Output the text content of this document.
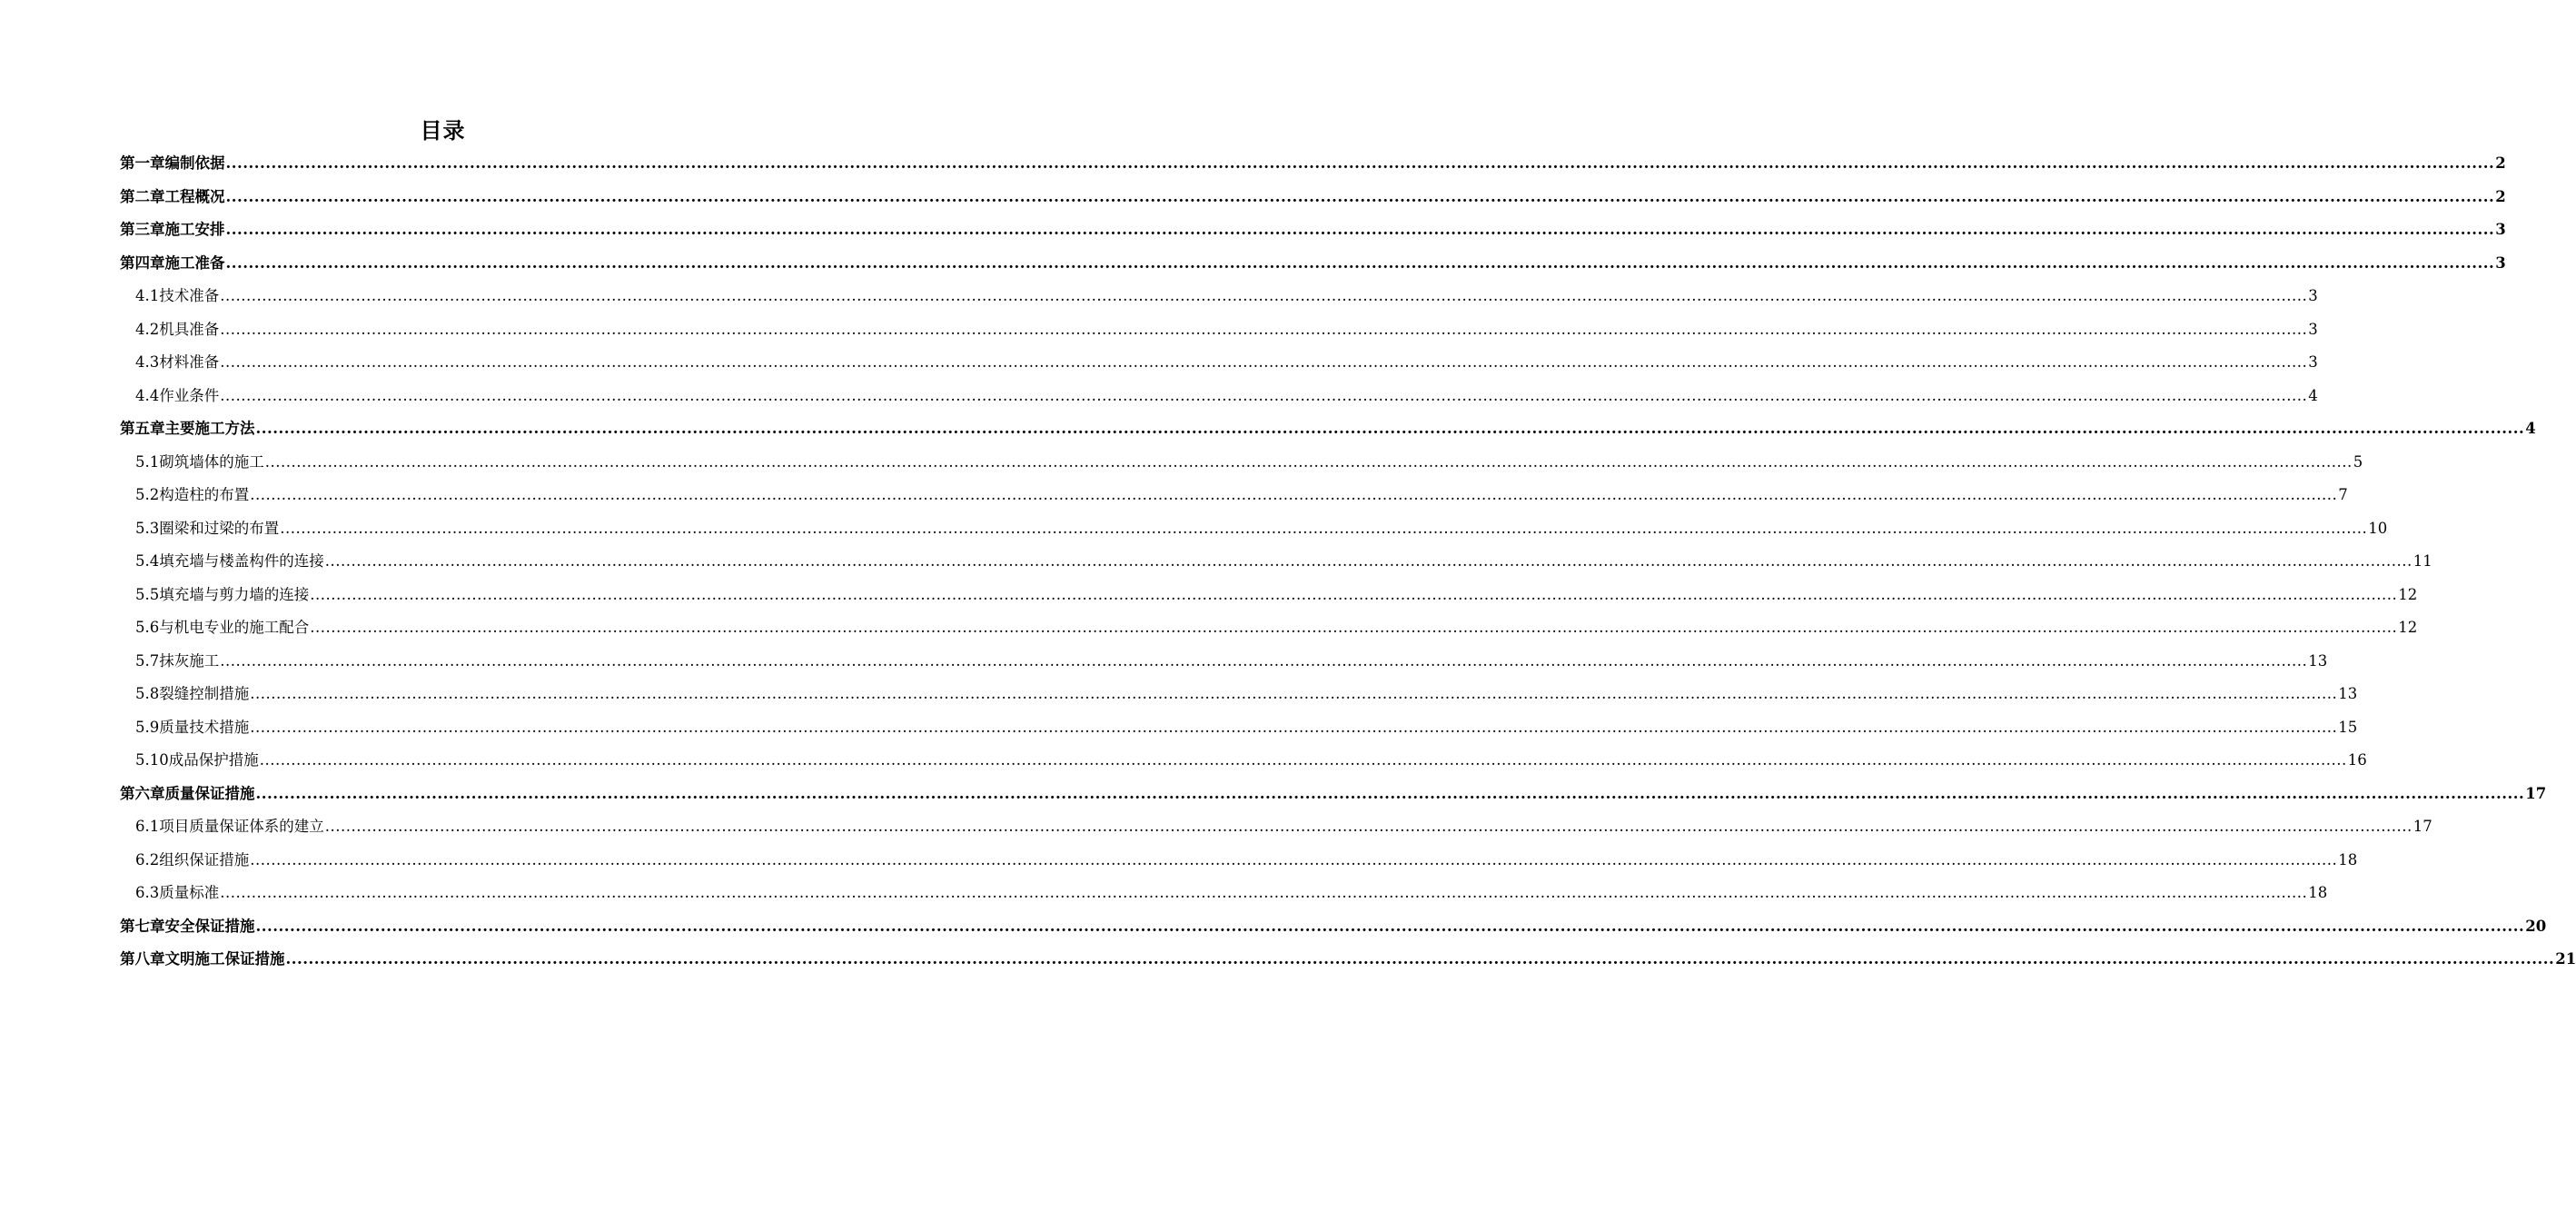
目录
第一章 编制依据 ................................................................................................................................................................................................................................................................................................................................................................................................................ 2
第二章 工程概况 ................................................................................................................................................................................................................................................................................................................................................................................................................ 2
第三章 施工安排 ................................................................................................................................................................................................................................................................................................................................................................................................................ 3
第四章 施工准备 ................................................................................................................................................................................................................................................................................................................................................................................................................ 3
4.1 技术准备 ................................................................................................................................................................................................................................................................................................................................................................................................................ 3
4.2 机具准备 ................................................................................................................................................................................................................................................................................................................................................................................................................ 3
4.3 材料准备 ................................................................................................................................................................................................................................................................................................................................................................................................................ 3
4.4 作业条件 ................................................................................................................................................................................................................................................................................................................................................................................................................ 4
第五章 主要施工方法 ................................................................................................................................................................................................................................................................................................................................................................................................................ 4
5.1 砌筑墙体的施工 ................................................................................................................................................................................................................................................................................................................................................................................................................ 5
5.2 构造柱的布置 ................................................................................................................................................................................................................................................................................................................................................................................................................ 7
5.3 圈梁和过梁的布置 ................................................................................................................................................................................................................................................................................................................................................................................................................ 10
5.4 填充墙与楼盖构件的连接 ................................................................................................................................................................................................................................................................................................................................................................................................................ 11
5.5 填充墙与剪力墙的连接 ................................................................................................................................................................................................................................................................................................................................................................................................................ 12
5.6 与机电专业的施工配合 ................................................................................................................................................................................................................................................................................................................................................................................................................ 12
5.7 抹灰施工 ................................................................................................................................................................................................................................................................................................................................................................................................................ 13
5.8 裂缝控制措施 ................................................................................................................................................................................................................................................................................................................................................................................................................ 13
5.9 质量技术措施 ................................................................................................................................................................................................................................................................................................................................................................................................................ 15
5.10 成品保护措施 ................................................................................................................................................................................................................................................................................................................................................................................................................ 16
第六章 质量保证措施 ................................................................................................................................................................................................................................................................................................................................................................................................................ 17
6.1 项目质量保证体系的建立 ................................................................................................................................................................................................................................................................................................................................................................................................................ 17
6.2 组织保证措施 ................................................................................................................................................................................................................................................................................................................................................................................................................ 18
6.3 质量标准 ................................................................................................................................................................................................................................................................................................................................................................................................................ 18
第七章 安全保证措施 ................................................................................................................................................................................................................................................................................................................................................................................................................ 20
第八章 文明施工保证措施 ................................................................................................................................................................................................................................................................................................................................................................................................................ 21
